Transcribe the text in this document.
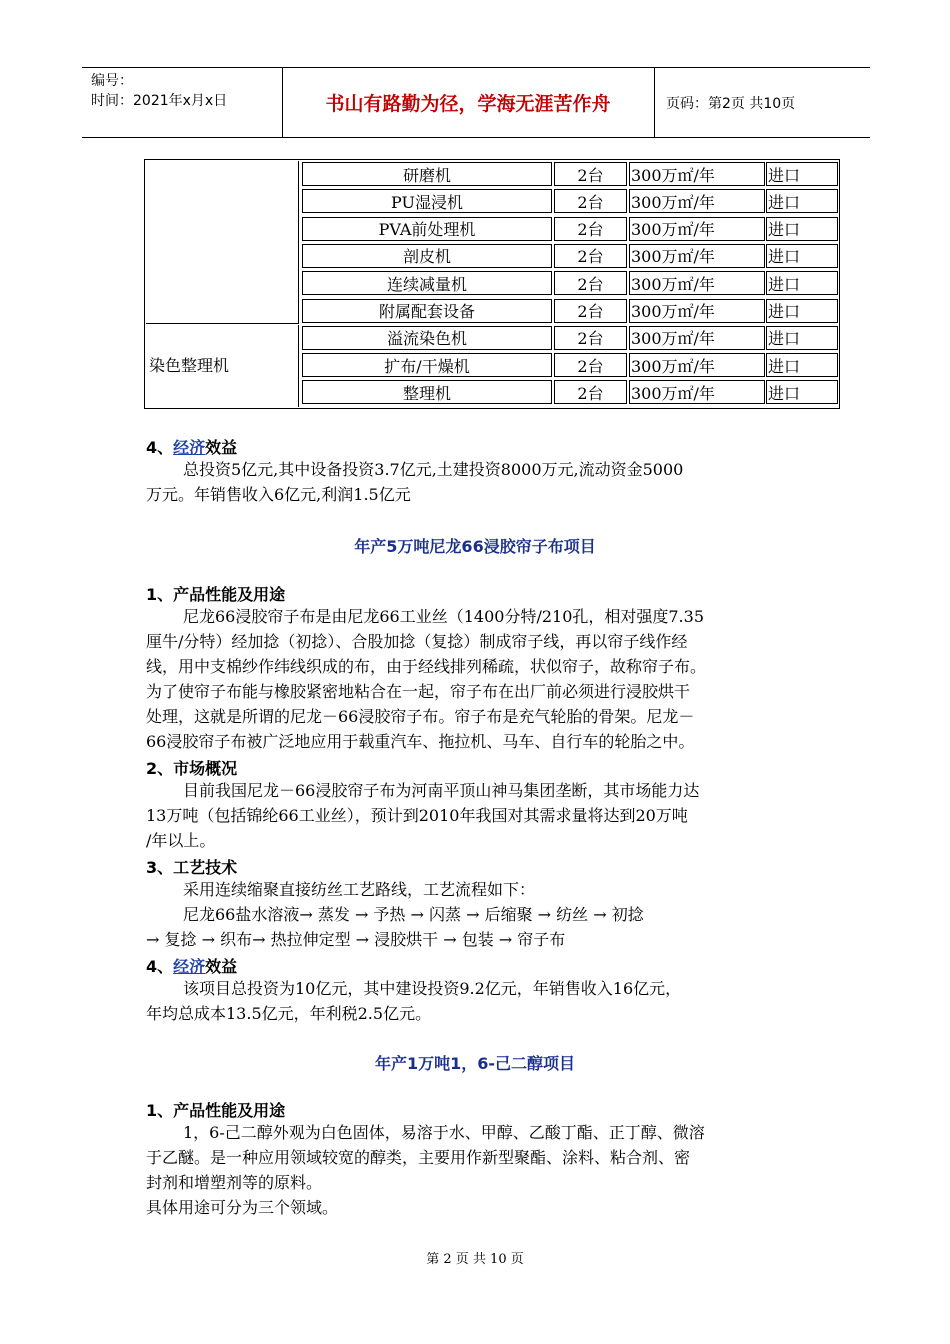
编号：
时间：2021年x月x日	书山有路勤为径，学海无涯苦作舟	页码：第2页 共10页
染色整理机
研磨机	2台	300万㎡/年	进口
PU湿浸机	2台	300万㎡/年	进口
PVA前处理机	2台	300万㎡/年	进口
剖皮机	2台	300万㎡/年	进口
连续减量机	2台	300万㎡/年	进口
附属配套设备	2台	300万㎡/年	进口
溢流染色机	2台	300万㎡/年	进口
扩布/干燥机	2台	300万㎡/年	进口
整理机	2台	300万㎡/年	进口
4、经济效益
总投资5亿元,其中设备投资3.7亿元,土建投资8000万元,流动资金5000
万元。年销售收入6亿元,利润1.5亿元
年产5万吨尼龙66浸胶帘子布项目
1、产品性能及用途
尼龙66浸胶帘子布是由尼龙66工业丝（1400分特/210孔，相对强度7.35
厘牛/分特）经加捻（初捻）、合股加捻（复捻）制成帘子线，再以帘子线作经
线，用中支棉纱作纬线织成的布，由于经线排列稀疏，状似帘子，故称帘子布。
为了使帘子布能与橡胶紧密地粘合在一起，帘子布在出厂前必须进行浸胶烘干
处理，这就是所谓的尼龙－66浸胶帘子布。帘子布是充气轮胎的骨架。尼龙－
66浸胶帘子布被广泛地应用于载重汽车、拖拉机、马车、自行车的轮胎之中。
2、市场概况
目前我国尼龙－66浸胶帘子布为河南平顶山神马集团垄断，其市场能力达
13万吨（包括锦纶66工业丝），预计到2010年我国对其需求量将达到20万吨
/年以上。
3、工艺技术
采用连续缩聚直接纺丝工艺路线，工艺流程如下：
尼龙66盐水溶液→ 蒸发 → 予热 → 闪蒸 → 后缩聚 → 纺丝 → 初捻
→ 复捻 → 织布→ 热拉伸定型 → 浸胶烘干 → 包装 → 帘子布
4、经济效益
该项目总投资为10亿元，其中建设投资9.2亿元，年销售收入16亿元，
年均总成本13.5亿元，年利税2.5亿元。
年产1万吨1，6-己二醇项目
1、产品性能及用途
1，6-己二醇外观为白色固体，易溶于水、甲醇、乙酸丁酯、正丁醇、微溶
于乙醚。是一种应用领域较宽的醇类，主要用作新型聚酯、涂料、粘合剂、密
封剂和增塑剂等的原料。
具体用途可分为三个领域。
第 2 页 共 10 页
